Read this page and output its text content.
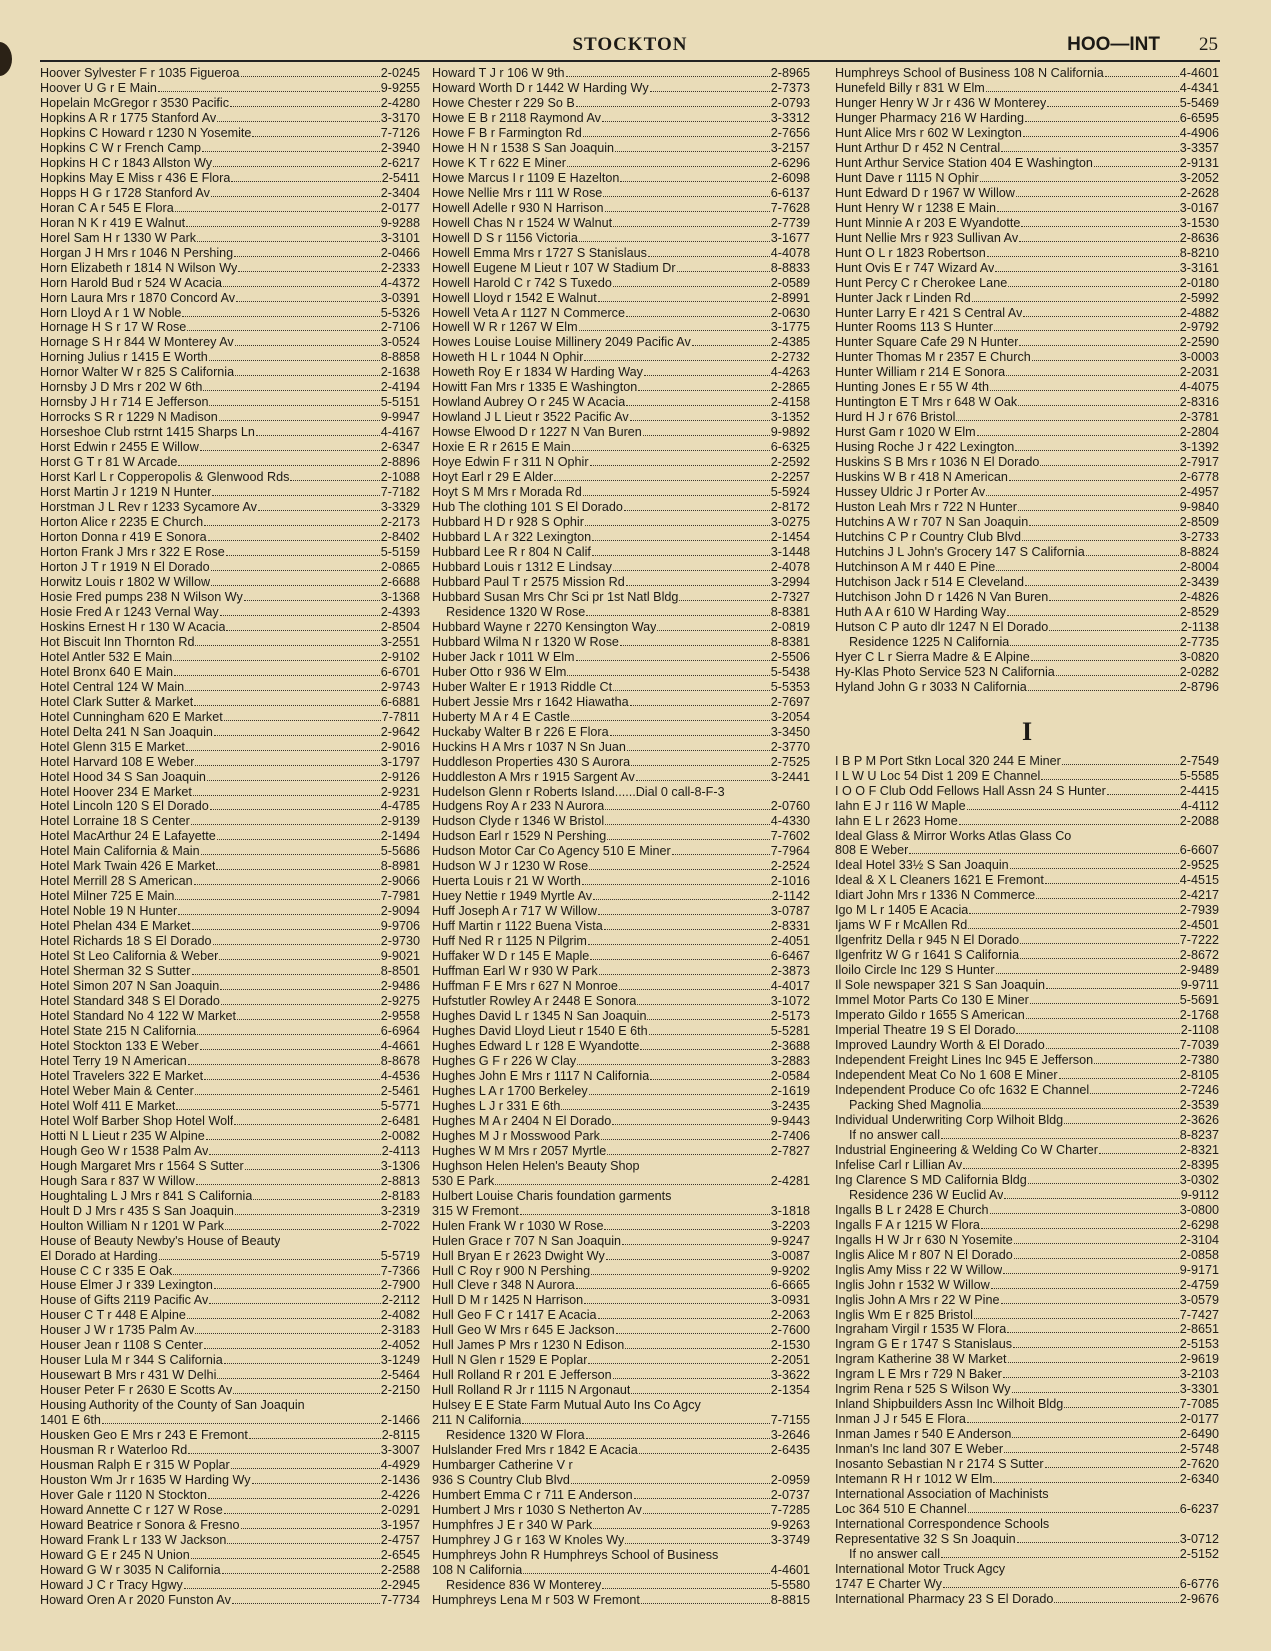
STOCKTON	HOO—INT 25
Hoover Sylvester F r 1035 Figueroa	2-0245
Hoover U G r E Main	9-9255
Hopelain McGregor r 3530 Pacific	2-4280
Hopkins A R r 1775 Stanford Av	3-3170
Hopkins C Howard r 1230 N Yosemite	7-7126
Hopkins C W r French Camp	2-3940
Hopkins H C r 1843 Allston Wy	2-6217
Hopkins May E Miss r 436 E Flora	2-5411
Hopps H G r 1728 Stanford Av	2-3404
Horan C A r 545 E Flora	2-0177
Horan N K r 419 E Walnut	9-9288
Horel Sam H r 1330 W Park	3-3101
Horgan J H Mrs r 1046 N Pershing	2-0466
Horn Elizabeth r 1814 N Wilson Wy	2-2333
Horn Harold Bud r 524 W Acacia	4-4372
Horn Laura Mrs r 1870 Concord Av	3-0391
Horn Lloyd A r 1 W Noble	5-5326
Hornage H S r 17 W Rose	2-7106
Hornage S H r 844 W Monterey Av	3-0524
Horning Julius r 1415 E Worth	8-8858
Hornor Walter W r 825 S California	2-1638
Hornsby J D Mrs r 202 W 6th	2-4194
Hornsby J H r 714 E Jefferson	5-5151
Horrocks S R r 1229 N Madison	9-9947
Horseshoe Club rstrnt 1415 Sharps Ln	4-4167
Horst Edwin r 2455 E Willow	2-6347
Horst G T r 81 W Arcade	2-8896
Horst Karl L r Copperopolis & Glenwood Rds	2-1088
Horst Martin J r 1219 N Hunter	7-7182
Horstman J L Rev r 1233 Sycamore Av	3-3329
Horton Alice r 2235 E Church	2-2173
Horton Donna r 419 E Sonora	2-8402
Horton Frank J Mrs r 322 E Rose	5-5159
Horton J T r 1919 N El Dorado	2-0865
Horwitz Louis r 1802 W Willow	2-6688
Hosie Fred pumps 238 N Wilson Wy	3-1368
Hosie Fred A r 1243 Vernal Way	2-4393
Hoskins Ernest H r 130 W Acacia	2-8504
Hot Biscuit Inn Thornton Rd	3-2551
Hotel Antler 532 E Main	2-9102
Hotel Bronx 640 E Main	6-6701
Hotel Central 124 W Main	2-9743
Hotel Clark Sutter & Market	6-6881
Hotel Cunningham 620 E Market	7-7811
Hotel Delta 241 N San Joaquin	2-9642
Hotel Glenn 315 E Market	2-9016
Hotel Harvard 108 E Weber	3-1797
Hotel Hood 34 S San Joaquin	2-9126
Hotel Hoover 234 E Market	2-9231
Hotel Lincoln 120 S El Dorado	4-4785
Hotel Lorraine 18 S Center	2-9139
Hotel MacArthur 24 E Lafayette	2-1494
Hotel Main California & Main	5-5686
Hotel Mark Twain 426 E Market	8-8981
Hotel Merrill 28 S American	2-9066
Hotel Milner 725 E Main	7-7981
Hotel Noble 19 N Hunter	2-9094
Hotel Phelan 434 E Market	9-9706
Hotel Richards 18 S El Dorado	2-9730
Hotel St Leo California & Weber	9-9021
Hotel Sherman 32 S Sutter	8-8501
Hotel Simon 207 N San Joaquin	2-9486
Hotel Standard 348 S El Dorado	2-9275
Hotel Standard No 4 122 W Market	2-9558
Hotel State 215 N California	6-6964
Hotel Stockton 133 E Weber	4-4661
Hotel Terry 19 N American	8-8678
Hotel Travelers 322 E Market	4-4536
Hotel Weber Main & Center	2-5461
Hotel Wolf 411 E Market	5-5771
Hotel Wolf Barber Shop Hotel Wolf	2-6481
Hotti N L Lieut r 235 W Alpine	2-0082
Hough Geo W r 1538 Palm Av	2-4113
Hough Margaret Mrs r 1564 S Sutter	3-1306
Hough Sara r 837 W Willow	2-8813
Houghtaling L J Mrs r 841 S California	2-8183
Hoult D J Mrs r 435 S San Joaquin	3-2319
Houlton William N r 1201 W Park	2-7022
House of Beauty Newby's House of Beauty
El Dorado at Harding	5-5719
House C C r 335 E Oak	7-7366
House Elmer J r 339 Lexington	2-7900
House of Gifts 2119 Pacific Av	2-2112
Houser C T r 448 E Alpine	2-4082
Houser J W r 1735 Palm Av	2-3183
Houser Jean r 1108 S Center	2-4052
Houser Lula M r 344 S California	3-1249
Housewart B Mrs r 431 W Delhi	2-5464
Houser Peter F r 2630 E Scotts Av	2-2150
Housing Authority of the County of San Joaquin
1401 E 6th	2-1466
Housken Geo E Mrs r 243 E Fremont	2-8115
Housman R r Waterloo Rd	3-3007
Housman Ralph E r 315 W Poplar	4-4929
Houston Wm Jr r 1635 W Harding Wy	2-1436
Hover Gale r 1120 N Stockton	2-4226
Howard Annette C r 127 W Rose	2-0291
Howard Beatrice r Sonora & Fresno	3-1957
Howard Frank L r 133 W Jackson	2-4757
Howard G E r 245 N Union	2-6545
Howard G W r 3035 N California	2-2588
Howard J C r Tracy Hgwy	2-2945
Howard Oren A r 2020 Funston Av	7-7734
Howard T J r 106 W 9th	2-8965
Howard Worth D r 1442 W Harding Wy	2-7373
Howe Chester r 229 So B	2-0793
Howe E B r 2118 Raymond Av	3-3312
Howe F B r Farmington Rd	2-7656
Howe H N r 1538 S San Joaquin	3-2157
Howe K T r 622 E Miner	2-6296
Howe Marcus I r 1109 E Hazelton	2-6098
Howe Nellie Mrs r 111 W Rose	6-6137
Howell Adelle r 930 N Harrison	7-7628
Howell Chas N r 1524 W Walnut	2-7739
Howell D S r 1156 Victoria	3-1677
Howell Emma Mrs r 1727 S Stanislaus	4-4078
Howell Eugene M Lieut r 107 W Stadium Dr	8-8833
Howell Harold C r 742 S Tuxedo	2-0589
Howell Lloyd r 1542 E Walnut	2-8991
Howell Veta A r 1127 N Commerce	2-0630
Howell W R r 1267 W Elm	3-1775
Howes Louise Louise Millinery 2049 Pacific Av	2-4385
Howeth H L r 1044 N Ophir	2-2732
Howeth Roy E r 1834 W Harding Way	4-4263
Howitt Fan Mrs r 1335 E Washington	2-2865
Howland Aubrey O r 245 W Acacia	2-4158
Howland J L Lieut r 3522 Pacific Av	3-1352
Howse Elwood D r 1227 N Van Buren	9-9892
Hoxie E R r 2615 E Main	6-6325
Hoye Edwin F r 311 N Ophir	2-2592
Hoyt Earl r 29 E Alder	2-2257
Hoyt S M Mrs r Morada Rd	5-5924
Hub The clothing 101 S El Dorado	2-8172
Hubbard H D r 928 S Ophir	3-0275
Hubbard L A r 322 Lexington	2-1454
Hubbard Lee R r 804 N Calif	3-1448
Hubbard Louis r 1312 E Lindsay	2-4078
Hubbard Paul T r 2575 Mission Rd	3-2994
Hubbard Susan Mrs Chr Sci pr 1st Natl Bldg	2-7327
Residence 1320 W Rose	8-8381
Hubbard Wayne r 2270 Kensington Way	2-0819
Hubbard Wilma N r 1320 W Rose	8-8381
Huber Jack r 1011 W Elm	2-5506
Huber Otto r 936 W Elm	5-5438
Huber Walter E r 1913 Riddle Ct	5-5353
Hubert Jessie Mrs r 1642 Hiawatha	2-7697
Huberty M A r 4 E Castle	3-2054
Huckaby Walter B r 226 E Flora	3-3450
Huckins H A Mrs r 1037 N Sn Juan	2-3770
Huddleson Properties 430 S Aurora	2-7525
Huddleston A Mrs r 1915 Sargent Av	3-2441
Hudelson Glenn r Roberts Island......Dial 0 call-8-F-3
Hudgens Roy A r 233 N Aurora	2-0760
Hudson Clyde r 1346 W Bristol	4-4330
Hudson Earl r 1529 N Pershing	7-7602
Hudson Motor Car Co Agency 510 E Miner	7-7964
Hudson W J r 1230 W Rose	2-2524
Huerta Louis r 21 W Worth	2-1016
Huey Nettie r 1949 Myrtle Av	2-1142
Huff Joseph A r 717 W Willow	3-0787
Huff Martin r 1122 Buena Vista	2-8331
Huff Ned R r 1125 N Pilgrim	2-4051
Huffaker W D r 145 E Maple	6-6467
Huffman Earl W r 930 W Park	2-3873
Huffman F E Mrs r 627 N Monroe	4-4017
Hufstutler Rowley A r 2448 E Sonora	3-1072
Hughes David L r 1345 N San Joaquin	2-5173
Hughes David Lloyd Lieut r 1540 E 6th	5-5281
Hughes Edward L r 128 E Wyandotte	2-3688
Hughes G F r 226 W Clay	3-2883
Hughes John E Mrs r 1117 N California	2-0584
Hughes L A r 1700 Berkeley	2-1619
Hughes L J r 331 E 6th	3-2435
Hughes M A r 2404 N El Dorado	9-9443
Hughes M J r Mosswood Park	2-7406
Hughes W M Mrs r 2057 Myrtle	2-7827
Hughson Helen Helen's Beauty Shop
530 E Park	2-4281
Hulbert Louise Charis foundation garments
315 W Fremont	3-1818
Hulen Frank W r 1030 W Rose	3-2203
Hulen Grace r 707 N San Joaquin	9-9247
Hull Bryan E r 2623 Dwight Wy	3-0087
Hull C Roy r 900 N Pershing	9-9202
Hull Cleve r 348 N Aurora	6-6665
Hull D M r 1425 N Harrison	3-0931
Hull Geo F C r 1417 E Acacia	2-2063
Hull Geo W Mrs r 645 E Jackson	2-7600
Hull James P Mrs r 1230 N Edison	2-1530
Hull N Glen r 1529 E Poplar	2-2051
Hull Rolland R r 201 E Jefferson	3-3622
Hull Rolland R Jr r 1115 N Argonaut	2-1354
Hulsey E E State Farm Mutual Auto Ins Co Agcy
211 N California	7-7155
Residence 1320 W Flora	3-2646
Hulslander Fred Mrs r 1842 E Acacia	2-6435
Humbarger Catherine V r
936 S Country Club Blvd	2-0959
Humbert Emma C r 711 E Anderson	2-0737
Humbert J Mrs r 1030 S Netherton Av	7-7285
Humphfres J E r 340 W Park	9-9263
Humphrey J G r 163 W Knoles Wy	3-3749
Humphreys John R Humphreys School of Business
108 N California	4-4601
Residence 836 W Monterey	5-5580
Humphreys Lena M r 503 W Fremont	8-8815
Humphreys School of Business 108 N California	4-4601
Hunefeld Billy r 831 W Elm	4-4341
Hunger Henry W Jr r 436 W Monterey	5-5469
Hunger Pharmacy 216 W Harding	6-6595
Hunt Alice Mrs r 602 W Lexington	4-4906
Hunt Arthur D r 452 N Central	3-3357
Hunt Arthur Service Station 404 E Washington	2-9131
Hunt Dave r 1115 N Ophir	3-2052
Hunt Edward D r 1967 W Willow	2-2628
Hunt Henry W r 1238 E Main	3-0167
Hunt Minnie A r 203 E Wyandotte	3-1530
Hunt Nellie Mrs r 923 Sullivan Av	2-8636
Hunt O L r 1823 Robertson	8-8210
Hunt Ovis E r 747 Wizard Av	3-3161
Hunt Percy C r Cherokee Lane	2-0180
Hunter Jack r Linden Rd	2-5992
Hunter Larry E r 421 S Central Av	2-4882
Hunter Rooms 113 S Hunter	2-9792
Hunter Square Cafe 29 N Hunter	2-2590
Hunter Thomas M r 2357 E Church	3-0003
Hunter William r 214 E Sonora	2-2031
Hunting Jones E r 55 W 4th	4-4075
Huntington E T Mrs r 648 W Oak	2-8316
Hurd H J r 676 Bristol	2-3781
Hurst Gam r 1020 W Elm	2-2804
Husing Roche J r 422 Lexington	3-1392
Huskins S B Mrs r 1036 N El Dorado	2-7917
Huskins W B r 418 N American	2-6778
Hussey Uldric J r Porter Av	2-4957
Huston Leah Mrs r 722 N Hunter	9-9840
Hutchins A W r 707 N San Joaquin	2-8509
Hutchins C P r Country Club Blvd	3-2733
Hutchins J L John's Grocery 147 S California	8-8824
Hutchinson A M r 440 E Pine	2-8004
Hutchison Jack r 514 E Cleveland	2-3439
Hutchison John D r 1426 N Van Buren	2-4826
Huth A A r 610 W Harding Way	2-8529
Hutson C P auto dlr 1247 N El Dorado	2-1138
Residence 1225 N California	2-7735
Hyer C L r Sierra Madre & E Alpine	3-0820
Hy-Klas Photo Service 523 N California	2-0282
Hyland John G r 3033 N California	2-8796
I
I B P M Port Stkn Local 320 244 E Miner	2-7549
I L W U Loc 54 Dist 1 209 E Channel	5-5585
I O O F Club Odd Fellows Hall Assn 24 S Hunter	2-4415
Iahn E J r 116 W Maple	4-4112
Iahn E L r 2623 Home	2-2088
Ideal Glass & Mirror Works Atlas Glass Co
808 E Weber	6-6607
Ideal Hotel 33½ S San Joaquin	2-9525
Ideal & X L Cleaners 1621 E Fremont	4-4515
Idiart John Mrs r 1336 N Commerce	2-4217
Igo M L r 1405 E Acacia	2-7939
Ijams W F r McAllen Rd	2-4501
Ilgenfritz Della r 945 N El Dorado	7-7222
Ilgenfritz W G r 1641 S California	2-8672
Iloilo Circle Inc 129 S Hunter	2-9489
Il Sole newspaper 321 S San Joaquin	9-9711
Immel Motor Parts Co 130 E Miner	5-5691
Imperato Gildo r 1655 S American	2-1768
Imperial Theatre 19 S El Dorado	2-1108
Improved Laundry Worth & El Dorado	7-7039
Independent Freight Lines Inc 945 E Jefferson	2-7380
Independent Meat Co No 1 608 E Miner	2-8105
Independent Produce Co ofc 1632 E Channel	2-7246
Packing Shed Magnolia	2-3539
Individual Underwriting Corp Wilhoit Bldg	2-3626
If no answer call	8-8237
Industrial Engineering & Welding Co W Charter	2-8321
Infelise Carl r Lillian Av	2-8395
Ing Clarence S MD California Bldg	3-0302
Residence 236 W Euclid Av	9-9112
Ingalls B L r 2428 E Church	3-0800
Ingalls F A r 1215 W Flora	2-6298
Ingalls H W Jr r 630 N Yosemite	2-3104
Inglis Alice M r 807 N El Dorado	2-0858
Inglis Amy Miss r 22 W Willow	9-9171
Inglis John r 1532 W Willow	2-4759
Inglis John A Mrs r 22 W Pine	3-0579
Inglis Wm E r 825 Bristol	7-7427
Ingraham Virgil r 1535 W Flora	2-8651
Ingram G E r 1747 S Stanislaus	2-5153
Ingram Katherine 38 W Market	2-9619
Ingram L E Mrs r 729 N Baker	3-2103
Ingrim Rena r 525 S Wilson Wy	3-3301
Inland Shipbuilders Assn Inc Wilhoit Bldg	7-7085
Inman J J r 545 E Flora	2-0177
Inman James r 540 E Anderson	2-6490
Inman's Inc land 307 E Weber	2-5748
Inosanto Sebastian N r 2174 S Sutter	2-7620
Intemann R H r 1012 W Elm	2-6340
International Association of Machinists
Loc 364 510 E Channel	6-6237
International Correspondence Schools
Representative 32 S Sn Joaquin	3-0712
If no answer call	2-5152
International Motor Truck Agcy
1747 E Charter Wy	6-6776
International Pharmacy 23 S El Dorado	2-9676
